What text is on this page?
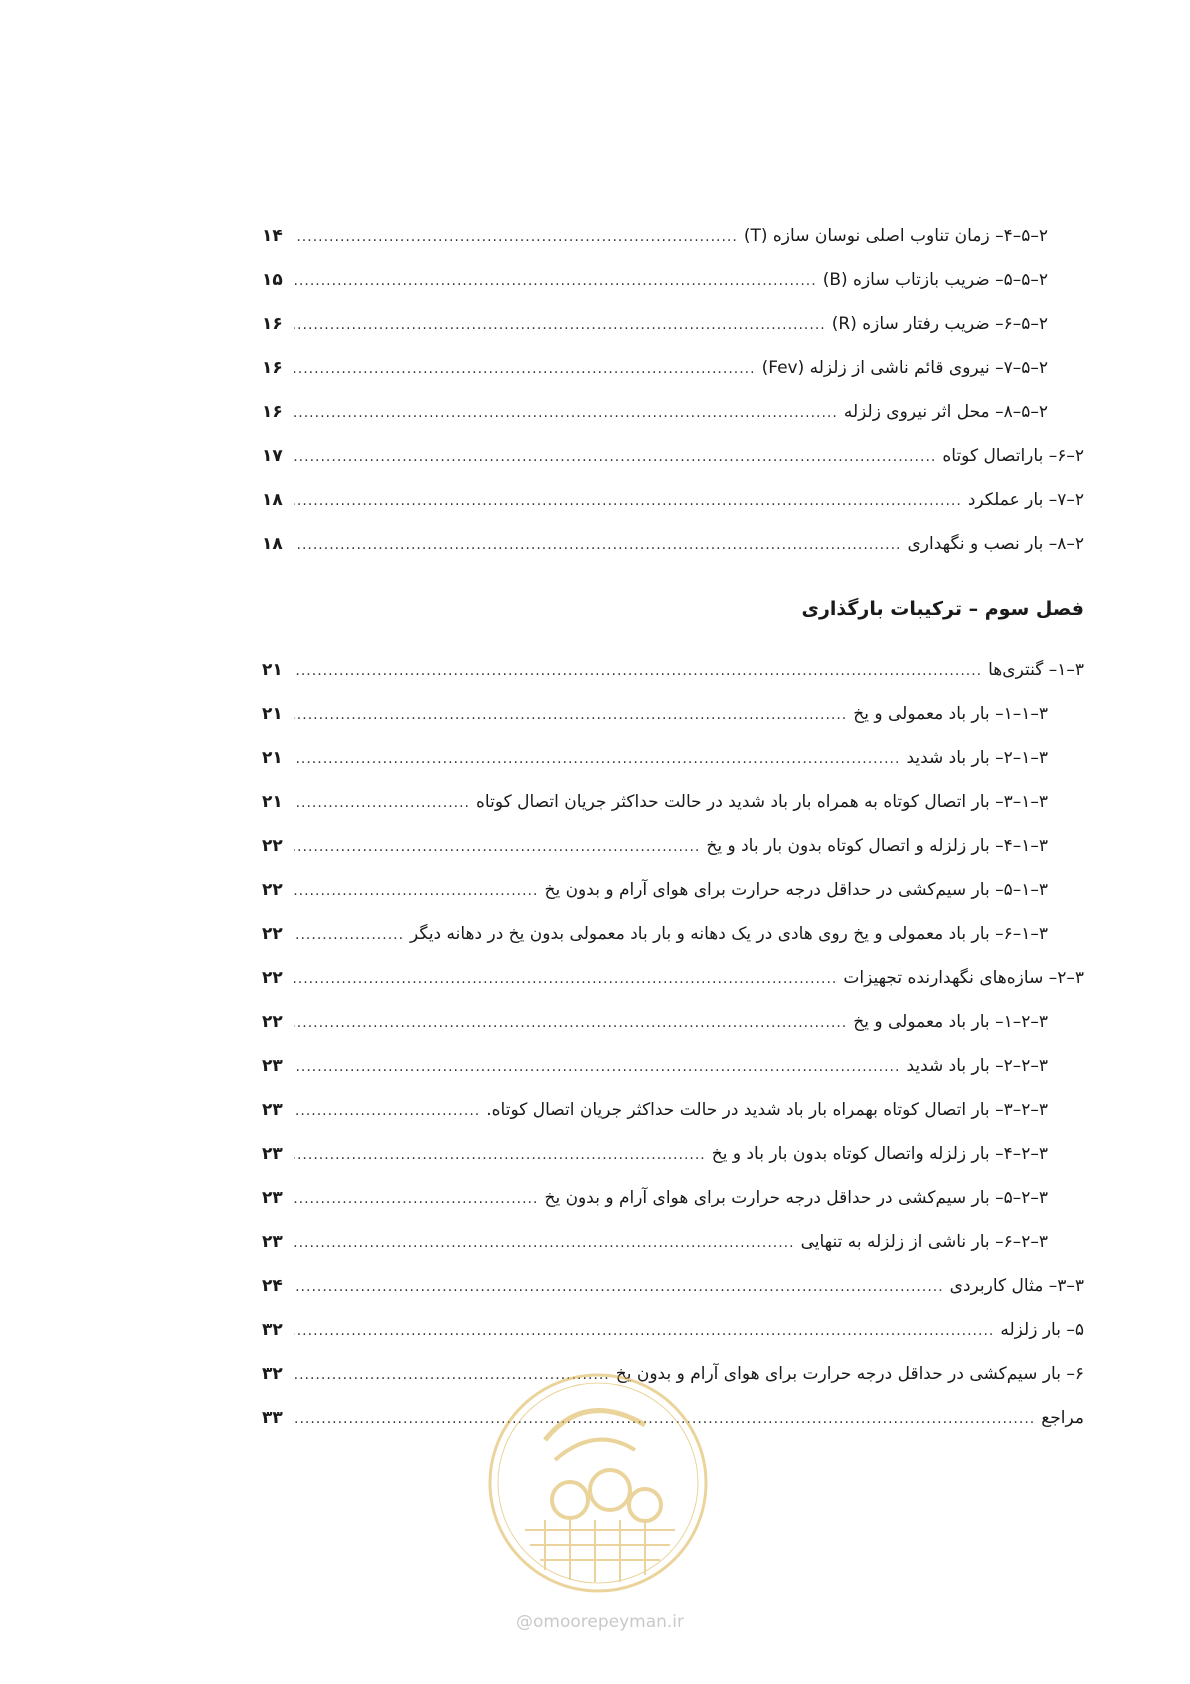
۲–۵–۴– زمان تناوب اصلی نوسان سازه (T)
.....
۱۴
۲–۵–۵– ضریب بازتاب سازه (B)
.....
۱۵
۲–۵–۶– ضریب رفتار سازه (R)
.....
۱۶
۲–۵–۷– نیروی قائم ناشی از زلزله (Fev)
.....
۱۶
۲–۵–۸– محل اثر نیروی زلزله
.....
۱۶
۲–۶– باراتصال کوتاه
.....
۱۷
۲–۷– بار عملکرد
.....
۱۸
۲–۸– بار نصب و نگهداری
.....
۱۸
فصل سوم – ترکیبات بارگذاری
۳–۱– گنتری‌ها
.....
۲۱
۳–۱–۱– بار باد معمولی و یخ
.....
۲۱
۳–۱–۲– بار باد شدید
.....
۲۱
۳–۱–۳– بار اتصال کوتاه به همراه بار باد شدید در حالت حداکثر جریان اتصال کوتاه
.....
۲۱
۳–۱–۴– بار زلزله و اتصال کوتاه بدون بار باد و یخ
.....
۲۲
۳–۱–۵– بار سیم‌کشی در حداقل درجه حرارت برای هوای آرام و بدون یخ
.....
۲۲
۳–۱–۶– بار باد معمولی و یخ روی هادی در یک دهانه و بار باد معمولی بدون یخ در دهانه دیگر
.....
۲۲
۳–۲– سازه‌های نگهدارنده تجهیزات
.....
۲۲
۳–۲–۱– بار باد معمولی و یخ
.....
۲۲
۳–۲–۲– بار باد شدید
.....
۲۳
۳–۲–۳– بار اتصال کوتاه بهمراه بار باد شدید در حالت حداکثر جریان اتصال کوتاه.
.....
۲۳
۳–۲–۴– بار زلزله واتصال کوتاه بدون بار باد و یخ
.....
۲۳
۳–۲–۵– بار سیم‌کشی در حداقل درجه حرارت برای هوای آرام و بدون یخ
.....
۲۳
۳–۲–۶– بار ناشی از زلزله به تنهایی
.....
۲۳
۳–۳– مثال کاربردی
.....
۲۴
۵– بار زلزله
.....
۳۲
۶– بار سیم‌کشی در حداقل درجه حرارت برای هوای آرام و بدون یخ
.....
۳۲
مراجع
.....
۳۳
@omoorepeyman.ir
